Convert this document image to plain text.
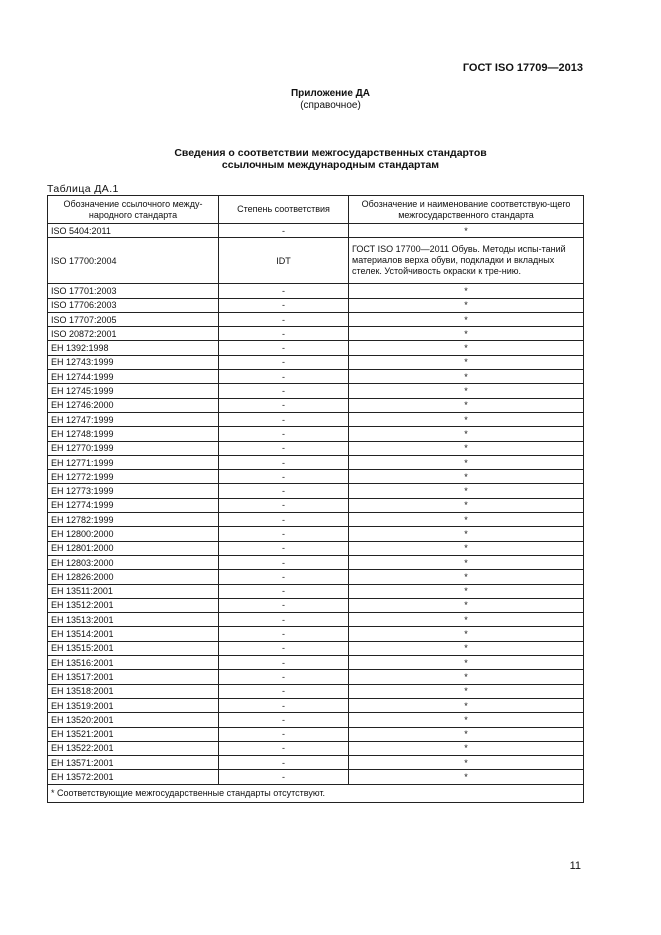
ГОСТ ISO 17709—2013
Приложение ДА
(справочное)
Сведения о соответствии межгосударственных стандартов
ссылочным международным стандартам
Таблица ДА.1
Обозначение ссылочного между-народного стандарта	Степень соответствия	Обозначение и наименование соответствую-щего межгосударственного стандарта
ISO 5404:2011	-	*
ISO 17700:2004	IDT	ГОСТ ISO 17700—2011 Обувь. Методы испы-таний материалов верха обуви, подкладки и вкладных стелек. Устойчивость окраски к тре-нию.
ISO 17701:2003	-	*
ISO 17706:2003	-	*
ISO 17707:2005	-	*
ISO 20872:2001	-	*
ЕН 1392:1998	-	*
ЕН 12743:1999	-	*
ЕН 12744:1999	-	*
ЕН 12745:1999	-	*
ЕН 12746:2000	-	*
ЕН 12747:1999	-	*
ЕН 12748:1999	-	*
ЕН 12770:1999	-	*
ЕН 12771:1999	-	*
ЕН 12772:1999	-	*
ЕН 12773:1999	-	*
ЕН 12774:1999	-	*
ЕН 12782:1999	-	*
ЕН 12800:2000	-	*
ЕН 12801:2000	-	*
ЕН 12803:2000	-	*
ЕН 12826:2000	-	*
ЕН 13511:2001	-	*
ЕН 13512:2001	-	*
ЕН 13513:2001	-	*
ЕН 13514:2001	-	*
ЕН 13515:2001	-	*
ЕН 13516:2001	-	*
ЕН 13517:2001	-	*
ЕН 13518:2001	-	*
ЕН 13519:2001	-	*
ЕН 13520:2001	-	*
ЕН 13521:2001	-	*
ЕН 13522:2001	-	*
ЕН 13571:2001	-	*
ЕН 13572:2001	-	*
* Соответствующие межгосударственные стандарты отсутствуют.		
11
